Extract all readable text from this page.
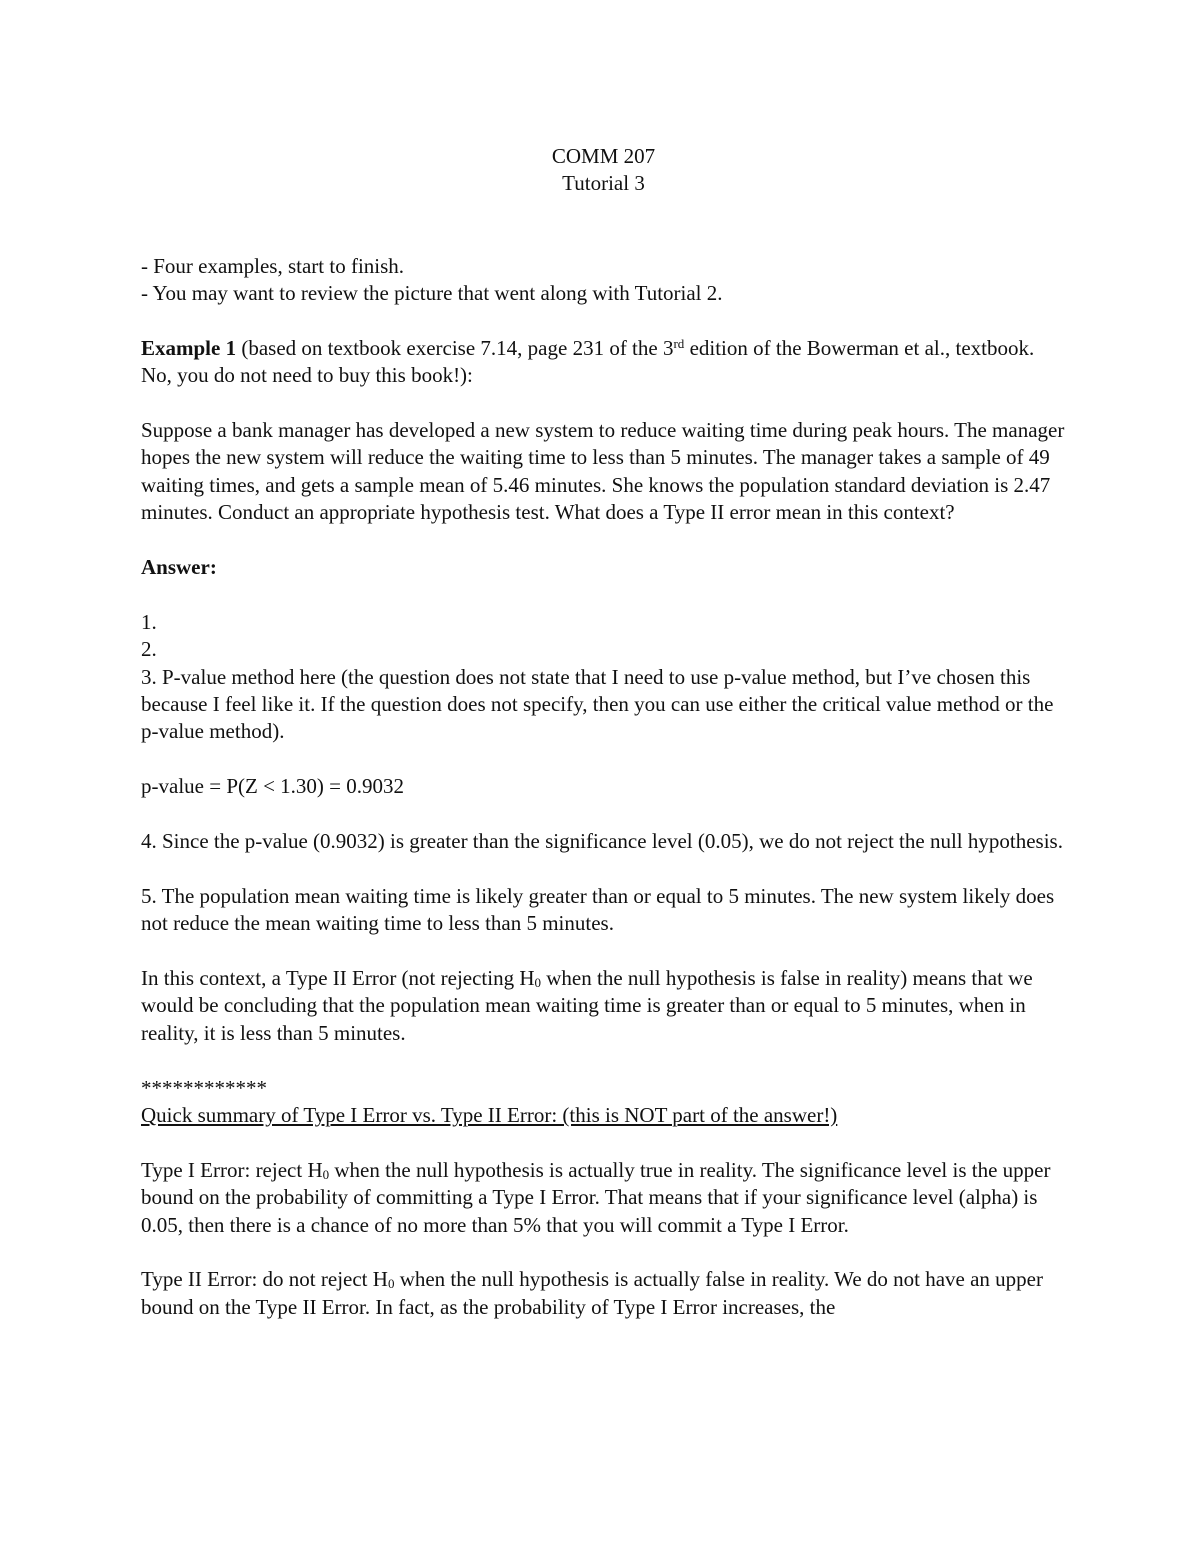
COMM 207
Tutorial 3

- Four examples, start to finish.

- You may want to review the picture that went along with Tutorial 2.

Example 1 (based on textbook exercise 7.14, page 231 of the 3rd edition of the Bowerman et al., textbook. No, you do not need to buy this book!):

Suppose a bank manager has developed a new system to reduce waiting time during peak hours. The manager hopes the new system will reduce the waiting time to less than 5 minutes. The manager takes a sample of 49 waiting times, and gets a sample mean of 5.46 minutes. She knows the population standard deviation is 2.47 minutes. Conduct an appropriate hypothesis test. What does a Type II error mean in this context?

Answer:

1.

2.

3. P-value method here (the question does not state that I need to use p-value method, but I’ve chosen this because I feel like it. If the question does not specify, then you can use either the critical value method or the p-value method).

p-value = P(Z < 1.30) = 0.9032

4. Since the p-value (0.9032) is greater than the significance level (0.05), we do not reject the null hypothesis.

5. The population mean waiting time is likely greater than or equal to 5 minutes. The new system likely does not reduce the mean waiting time to less than 5 minutes.

In this context, a Type II Error (not rejecting $H_0$ when the null hypothesis is false in reality) means that we would be concluding that the population mean waiting time is greater than or equal to 5 minutes, when in reality, it is less than 5 minutes.

************

Quick summary of Type I Error vs. Type II Error: (this is NOT part of the answer!)

Type I Error: reject $H_0$ when the null hypothesis is actually true in reality. The significance level is the upper bound on the probability of committing a Type I Error. That means that if your significance level (alpha) is 0.05, then there is a chance of no more than 5% that you will commit a Type I Error.

Type II Error: do not reject $H_0$ when the null hypothesis is actually false in reality. We do not have an upper bound on the Type II Error. In fact, as the probability of Type I Error increases, the
